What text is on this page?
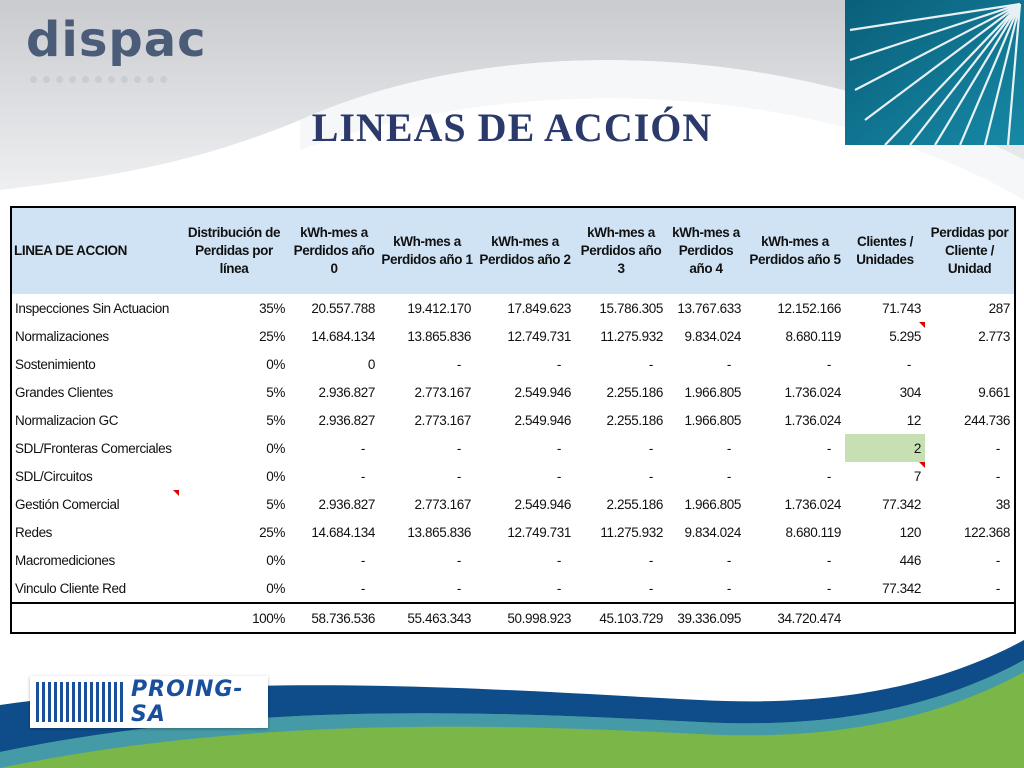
dispac
LINEAS DE ACCIÓN
LINEA DE ACCION	Distribución de Perdidas por línea	kWh-mes a Perdidos año 0	kWh-mes a Perdidos año 1	kWh-mes a Perdidos año 2	kWh-mes a Perdidos año 3	kWh-mes a Perdidos año 4	kWh-mes a Perdidos año 5	Clientes / Unidades	Perdidas por Cliente / Unidad
Inspecciones Sin Actuacion	35%	20.557.788	19.412.170	17.849.623	15.786.305	13.767.633	12.152.166	71.743	287
Normalizaciones	25%	14.684.134	13.865.836	12.749.731	11.275.932	9.834.024	8.680.119	5.295	2.773
Sostenimiento	0%	0	-	-	-	-	-	-	
Grandes Clientes	5%	2.936.827	2.773.167	2.549.946	2.255.186	1.966.805	1.736.024	304	9.661
Normalizacion GC	5%	2.936.827	2.773.167	2.549.946	2.255.186	1.966.805	1.736.024	12	244.736
SDL/Fronteras Comerciales	0%	-	-	-	-	-	-	2	-
SDL/Circuitos	0%	-	-	-	-	-	-	7	-
Gestión Comercial	5%	2.936.827	2.773.167	2.549.946	2.255.186	1.966.805	1.736.024	77.342	38
Redes	25%	14.684.134	13.865.836	12.749.731	11.275.932	9.834.024	8.680.119	120	122.368
Macromediciones	0%	-	-	-	-	-	-	446	-
Vinculo Cliente Red	0%	-	-	-	-	-	-	77.342	-
	100%	58.736.536	55.463.343	50.998.923	45.103.729	39.336.095	34.720.474		
PROING-SA
